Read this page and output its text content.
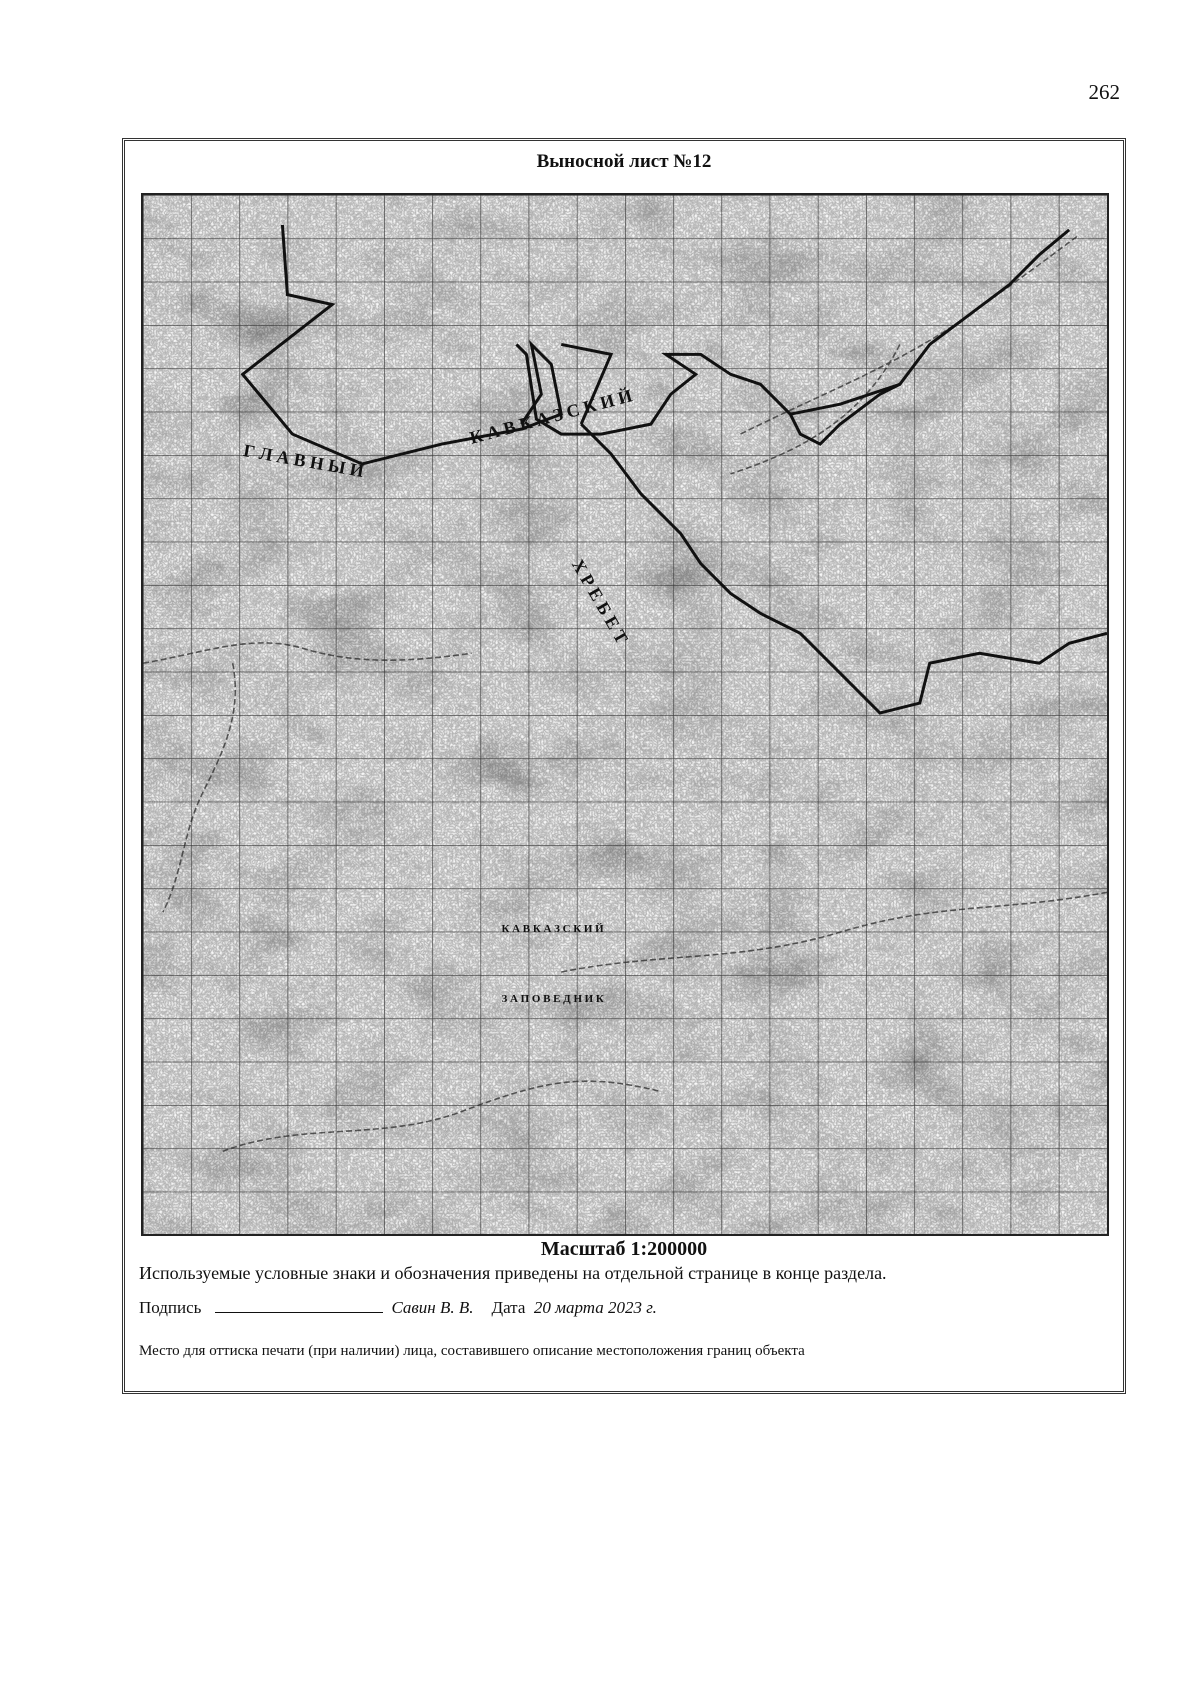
262
Выносной лист №12
Г Л А В Н Ы Й
К А В К А З С К И Й
Х Р Е Б Е Т
К А В К А З С К И Й
З А П О В Е Д Н И К
Масштаб 1:200000
Используемые условные знаки и обозначения приведены на отдельной странице в конце раздела.
Подпись	Савин В. В. Дата 20 марта 2023 г.
Место для оттиска печати (при наличии) лица, составившего описание местоположения границ объекта
